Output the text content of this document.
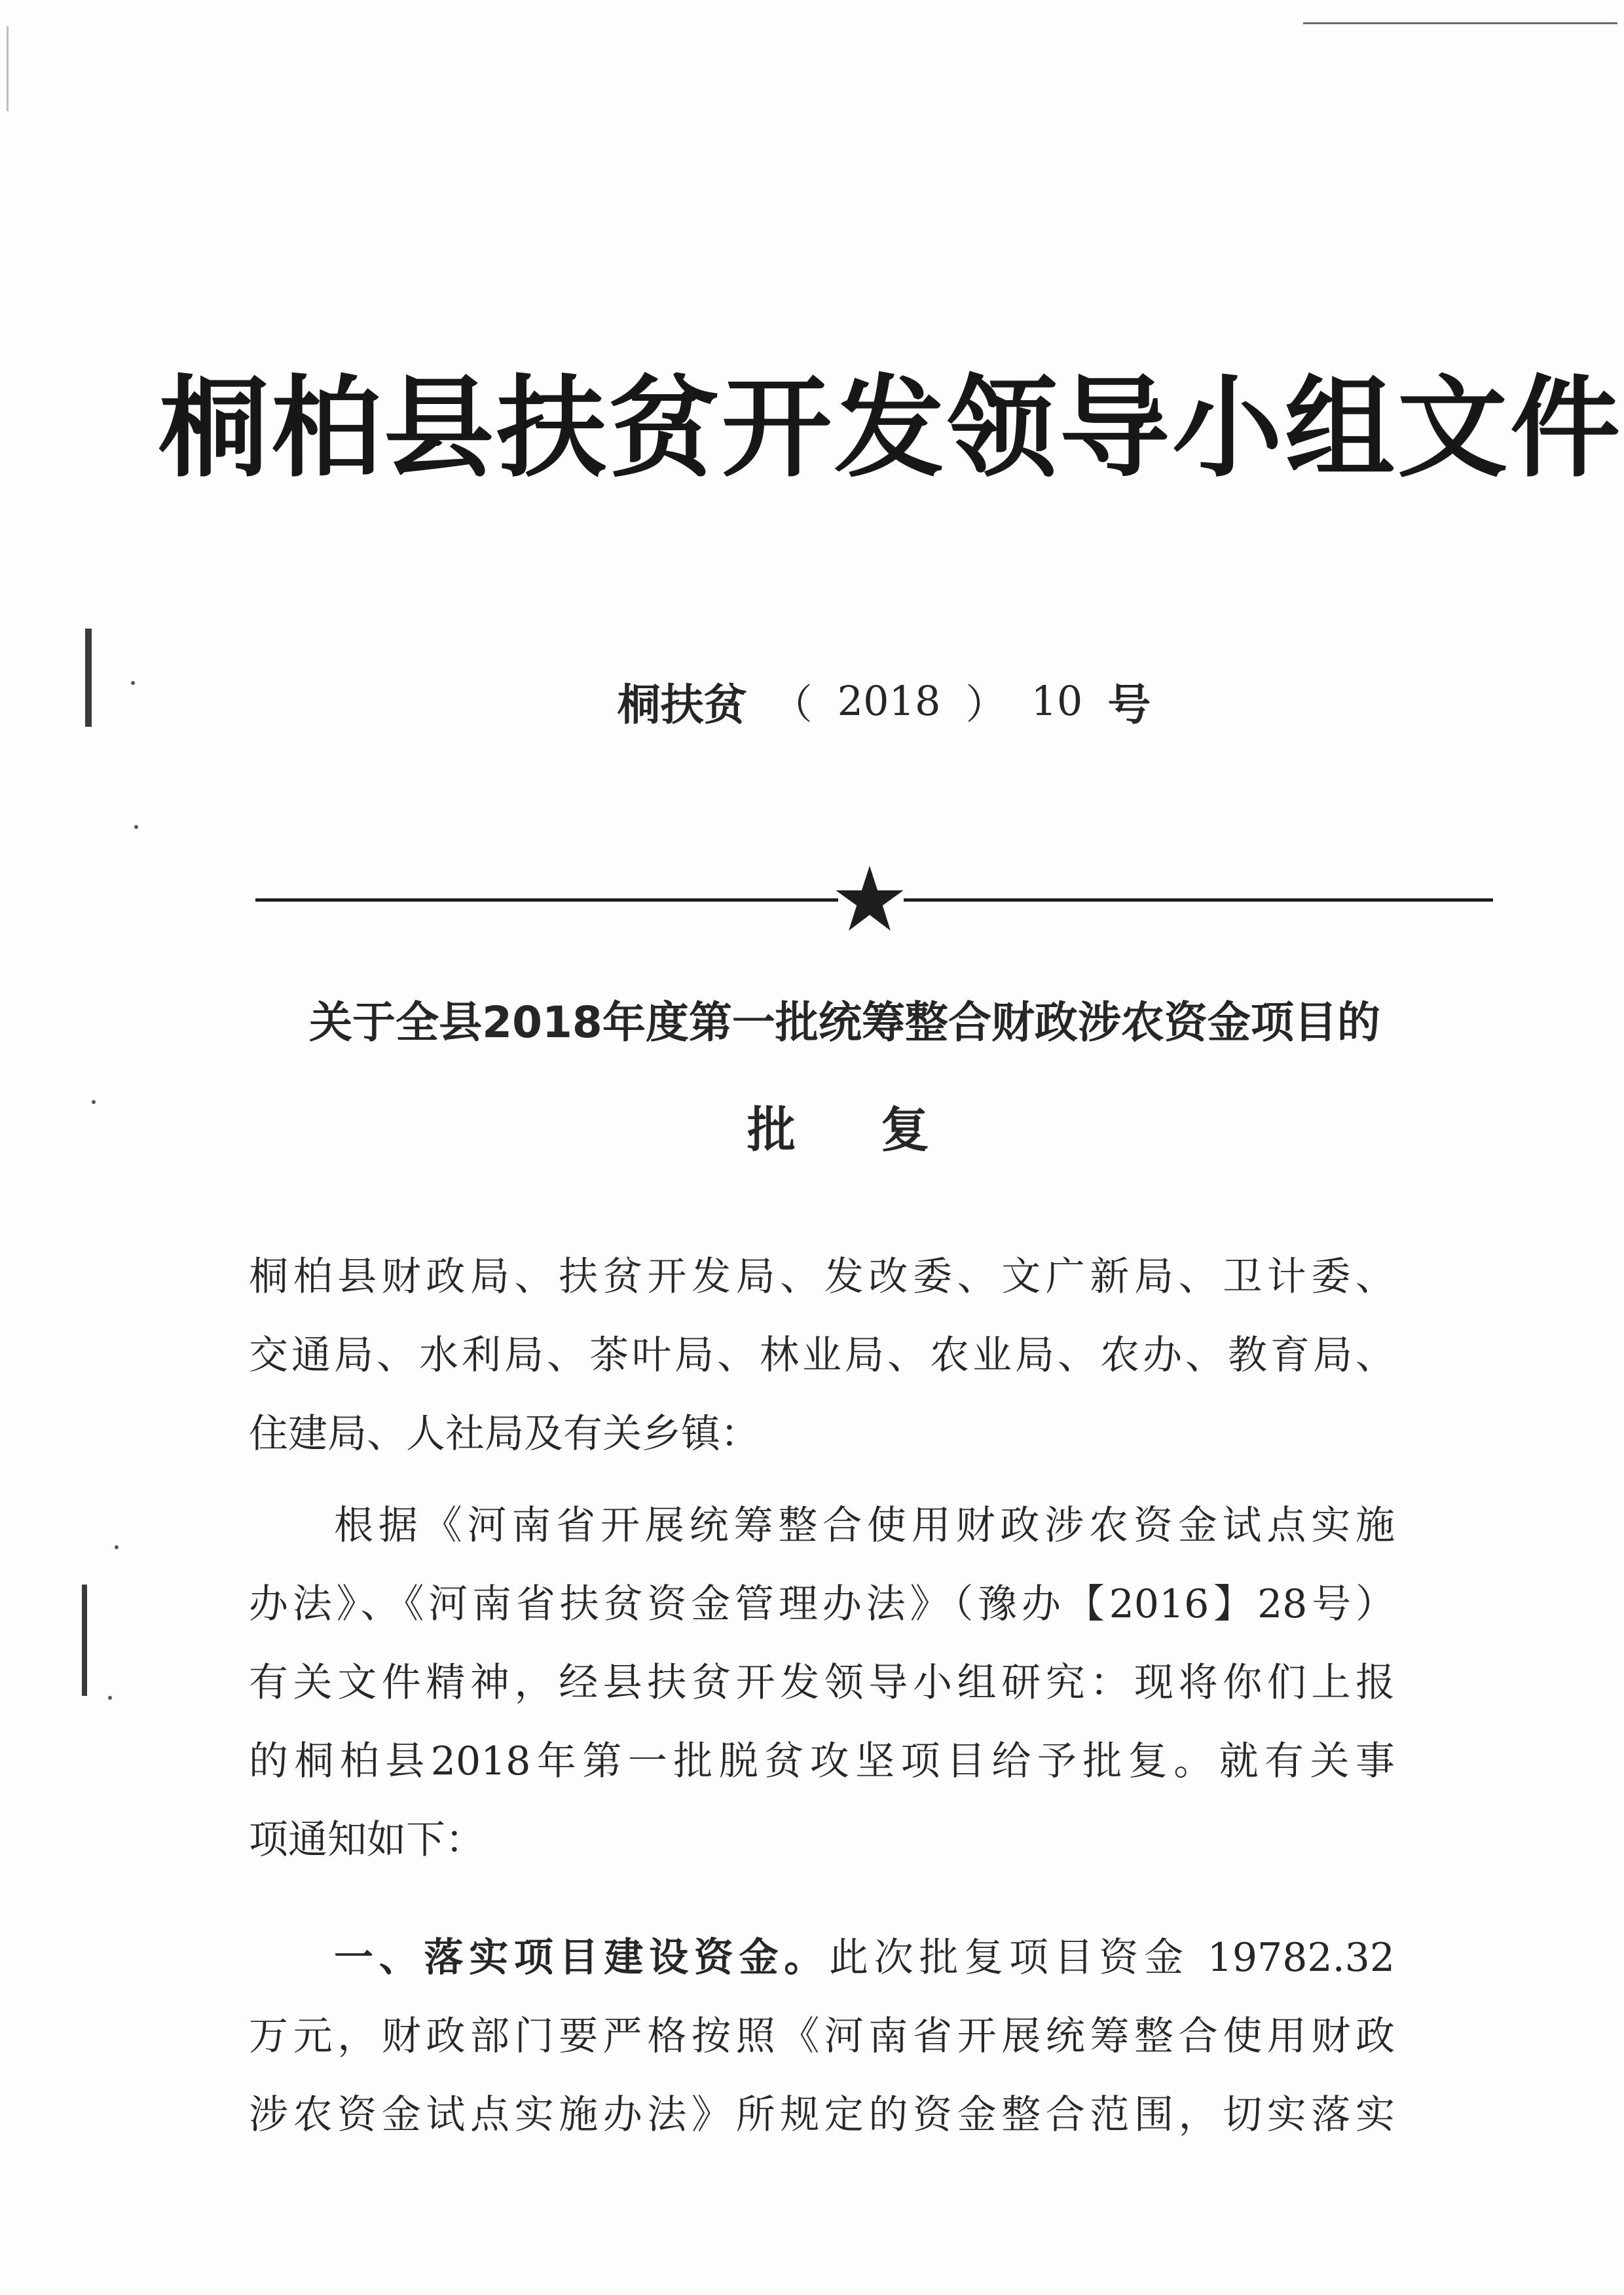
桐柏县扶贫开发领导小组文件
桐扶贫 （ 2018 ） 10 号
关于全县2018年度第一批统筹整合财政涉农资金项目的
批复
桐柏县财政局、扶贫开发局、发改委、文广新局、卫计委、
交通局、水利局、茶叶局、林业局、农业局、农办、教育局、
住建局、人社局及有关乡镇：
根据《河南省开展统筹整合使用财政涉农资金试点实施
办法》、《河南省扶贫资金管理办法》（豫办【2016】28号）
有关文件精神，经县扶贫开发领导小组研究：现将你们上报
的桐柏县2018年第一批脱贫攻坚项目给予批复。就有关事
项通知如下：
一、落实项目建设资金。此次批复项目资金 19782.32
万元，财政部门要严格按照《河南省开展统筹整合使用财政
涉农资金试点实施办法》所规定的资金整合范围，切实落实
